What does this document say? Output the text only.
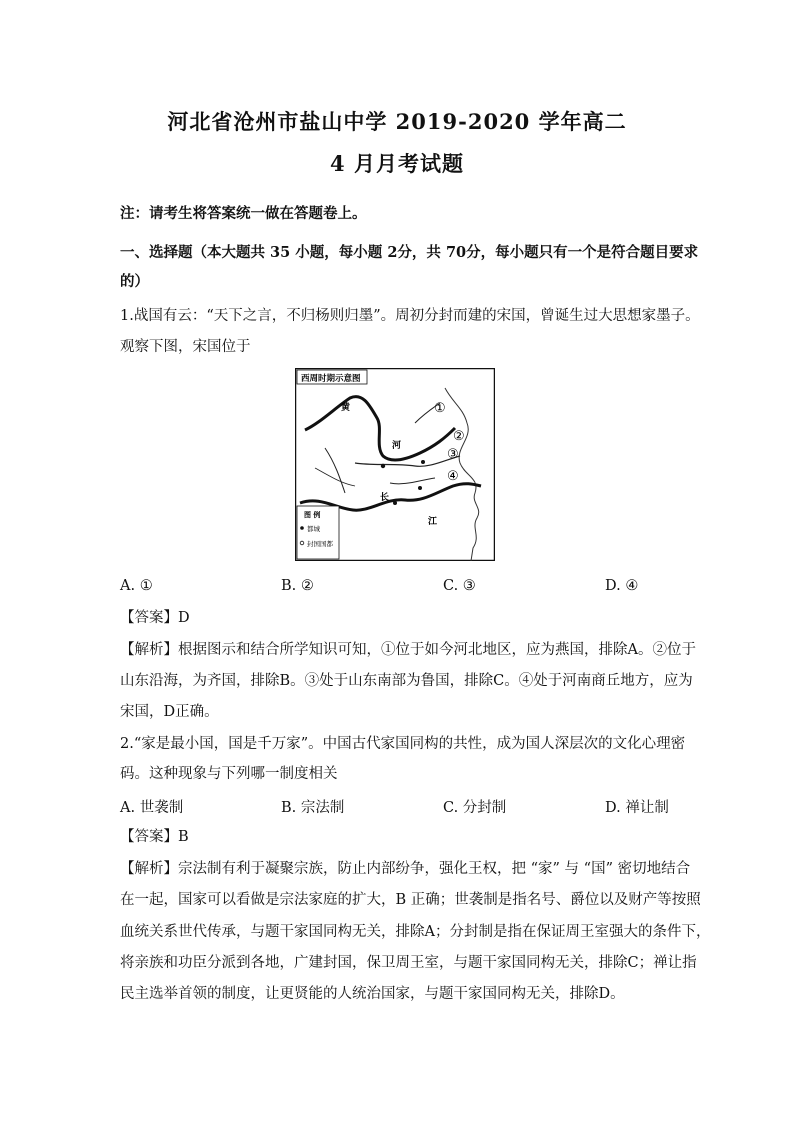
河北省沧州市盐山中学 2019-2020 学年高二
4 月月考试题
注：请考生将答案统一做在答题卷上。
一、选择题（本大题共 35 小题，每小题 2分，共 70分，每小题只有一个是符合题目要求
的）
1.战国有云：“天下之言，不归杨则归墨”。周初分封而建的宋国，曾诞生过大思想家墨子。
观察下图，宋国位于
西周时期示意图
黄
河
长
江
①
②
③
④
图 例
都城
封国国都
A. ①	B. ②	C. ③	D. ④
【答案】D
【解析】根据图示和结合所学知识可知，①位于如今河北地区，应为燕国，排除A。②位于
山东沿海，为齐国，排除B。③处于山东南部为鲁国，排除C。④处于河南商丘地方，应为
宋国，D正确。
2.“家是最小国，国是千万家”。中国古代家国同构的共性，成为国人深层次的文化心理密
码。这种现象与下列哪一制度相关
A. 世袭制	B. 宗法制	C. 分封制	D. 禅让制
【答案】B
【解析】宗法制有利于凝聚宗族，防止内部纷争，强化王权，把 “家” 与 “国” 密切地结合
在一起，国家可以看做是宗法家庭的扩大，B 正确；世袭制是指名号、爵位以及财产等按照
血统关系世代传承，与题干家国同构无关，排除A；分封制是指在保证周王室强大的条件下，
将亲族和功臣分派到各地，广建封国，保卫周王室，与题干家国同构无关，排除C；禅让指
民主选举首领的制度，让更贤能的人统治国家，与题干家国同构无关，排除D。
